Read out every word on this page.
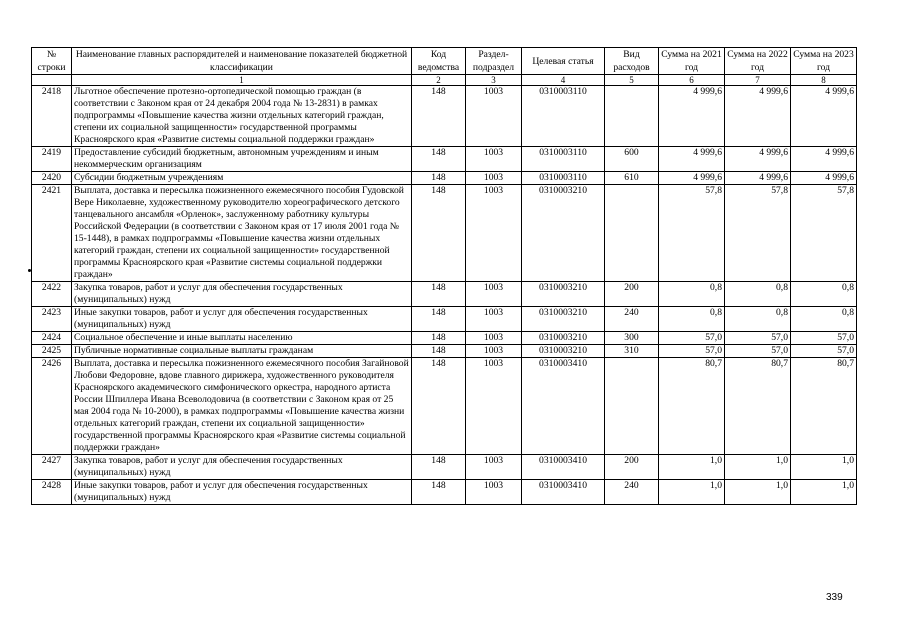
№ строки	Наименование главных распорядителей и наименование показателей бюджетной классификации	Код ведомства	Раздел-подраздел	Целевая статья	Вид расходов	Сумма на 2021 год	Сумма на 2022 год	Сумма на 2023 год
	1	2	3	4	5	6	7	8
2418	Льготное обеспечение протезно-ортопедической помощью граждан (в соответствии с Законом края от 24 декабря 2004 года № 13-2831) в рамках подпрограммы «Повышение качества жизни отдельных категорий граждан, степени их социальной защищенности» государственной программы Красноярского края «Развитие системы социальной поддержки граждан»	148	1003	0310003110		4 999,6	4 999,6	4 999,6
2419	Предоставление субсидий бюджетным, автономным учреждениям и иным некоммерческим организациям	148	1003	0310003110	600	4 999,6	4 999,6	4 999,6
2420	Субсидии бюджетным учреждениям	148	1003	0310003110	610	4 999,6	4 999,6	4 999,6
2421	Выплата, доставка и пересылка пожизненного ежемесячного пособия Гудовской Вере Николаевне, художественному руководителю хореографического детского танцевального ансамбля «Орленок», заслуженному работнику культуры Российской Федерации (в соответствии с Законом края от 17 июля 2001 года № 15-1448), в рамках подпрограммы «Повышение качества жизни отдельных категорий граждан, степени их социальной защищенности» государственной программы Красноярского края «Развитие системы социальной поддержки граждан»	148	1003	0310003210		57,8	57,8	57,8
2422	Закупка товаров, работ и услуг для обеспечения государственных (муниципальных) нужд	148	1003	0310003210	200	0,8	0,8	0,8
2423	Иные закупки товаров, работ и услуг для обеспечения государственных (муниципальных) нужд	148	1003	0310003210	240	0,8	0,8	0,8
2424	Социальное обеспечение и иные выплаты населению	148	1003	0310003210	300	57,0	57,0	57,0
2425	Публичные нормативные социальные выплаты гражданам	148	1003	0310003210	310	57,0	57,0	57,0
2426	Выплата, доставка и пересылка пожизненного ежемесячного пособия Загайновой Любови Федоровне, вдове главного дирижера, художественного руководителя Красноярского академического симфонического оркестра, народного артиста России Шпиллера Ивана Всеволодовича (в соответствии с Законом края от 25 мая 2004 года № 10-2000), в рамках подпрограммы «Повышение качества жизни отдельных категорий граждан, степени их социальной защищенности» государственной программы Красноярского края «Развитие системы социальной поддержки граждан»	148	1003	0310003410		80,7	80,7	80,7
2427	Закупка товаров, работ и услуг для обеспечения государственных (муниципальных) нужд	148	1003	0310003410	200	1,0	1,0	1,0
2428	Иные закупки товаров, работ и услуг для обеспечения государственных (муниципальных) нужд	148	1003	0310003410	240	1,0	1,0	1,0
339
